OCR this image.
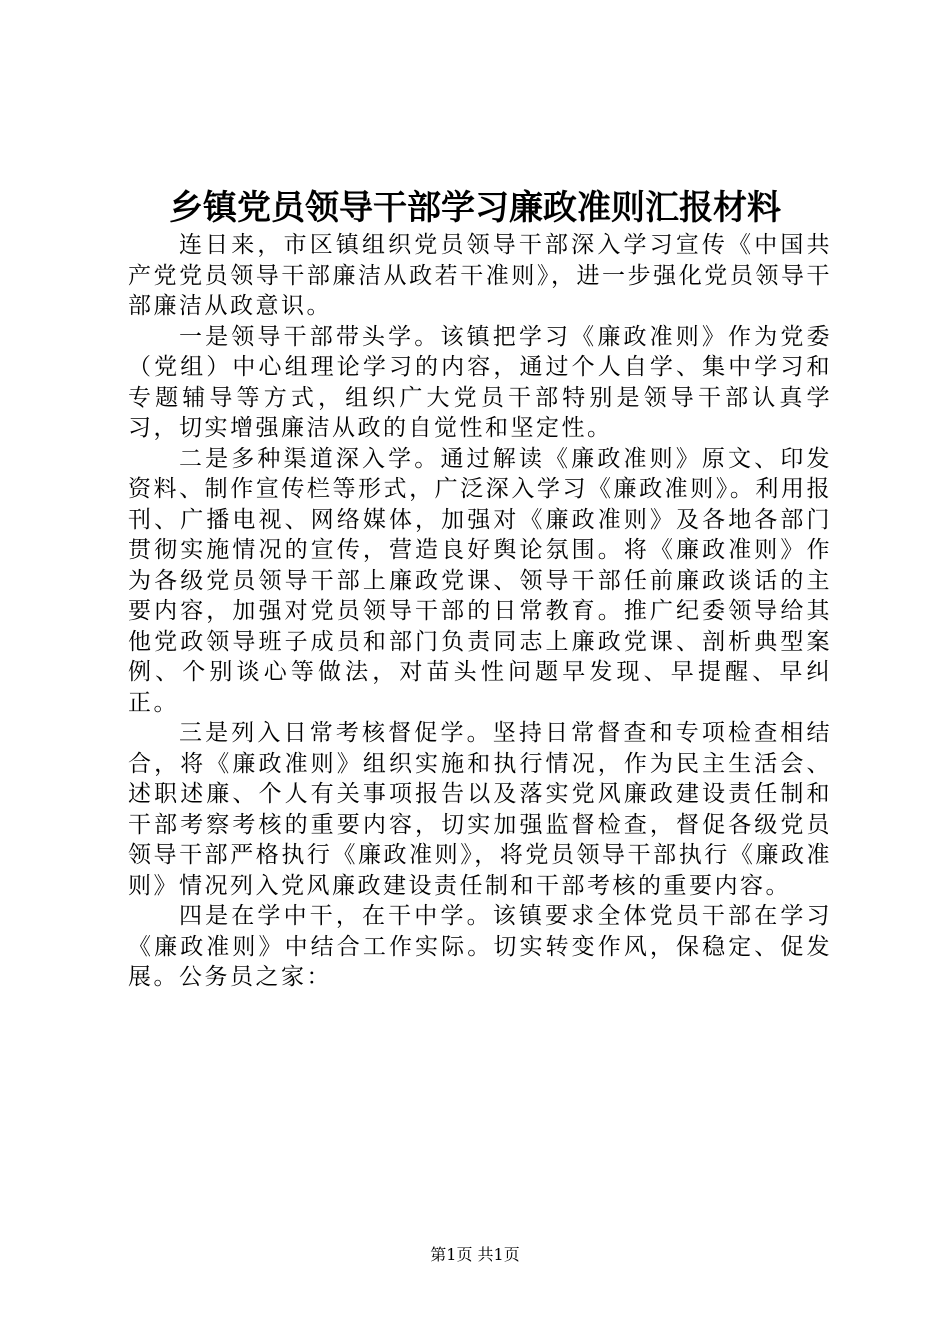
乡镇党员领导干部学习廉政准则汇报材料

连日来，市区镇组织党员领导干部深入学习宣传《中国共产党党员领导干部廉洁从政若干准则》，进一步强化党员领导干部廉洁从政意识。

一是领导干部带头学。该镇把学习《廉政准则》作为党委（党组）中心组理论学习的内容，通过个人自学、集中学习和专题辅导等方式，组织广大党员干部特别是领导干部认真学习，切实增强廉洁从政的自觉性和坚定性。

二是多种渠道深入学。通过解读《廉政准则》原文、印发资料、制作宣传栏等形式，广泛深入学习《廉政准则》。利用报刊、广播电视、网络媒体，加强对《廉政准则》及各地各部门贯彻实施情况的宣传，营造良好舆论氛围。将《廉政准则》作为各级党员领导干部上廉政党课、领导干部任前廉政谈话的主要内容，加强对党员领导干部的日常教育。推广纪委领导给其他党政领导班子成员和部门负责同志上廉政党课、剖析典型案例、个别谈心等做法，对苗头性问题早发现、早提醒、早纠正。

三是列入日常考核督促学。坚持日常督查和专项检查相结合，将《廉政准则》组织实施和执行情况，作为民主生活会、述职述廉、个人有关事项报告以及落实党风廉政建设责任制和干部考察考核的重要内容，切实加强监督检查，督促各级党员领导干部严格执行《廉政准则》，将党员领导干部执行《廉政准则》情况列入党风廉政建设责任制和干部考核的重要内容。

四是在学中干，在干中学。该镇要求全体党员干部在学习《廉政准则》中结合工作实际。切实转变作风，保稳定、促发展。公务员之家：

第1页 共1页
